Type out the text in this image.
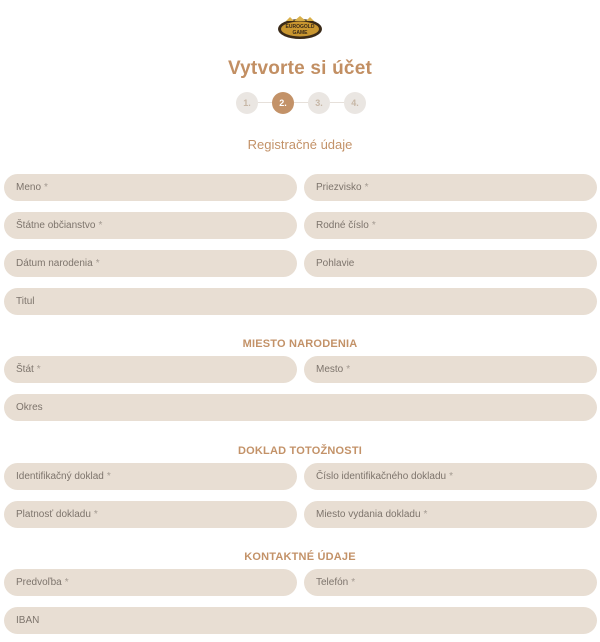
EUROGOLD
GAME
Vytvorte si účet
1.	2.	3.	4.
Registračné údaje
Meno *	Priezvisko *
Štátne občianstvo *	Rodné číslo *
Dátum narodenia *	Pohlavie
Titul
MIESTO NARODENIA
Štát *	Mesto *
Okres
DOKLAD TOTOŽNOSTI
Identifikačný doklad *	Číslo identifikačného dokladu *
Platnosť dokladu *	Miesto vydania dokladu *
KONTAKTNÉ ÚDAJE
Predvoľba *	Telefón *
IBAN
